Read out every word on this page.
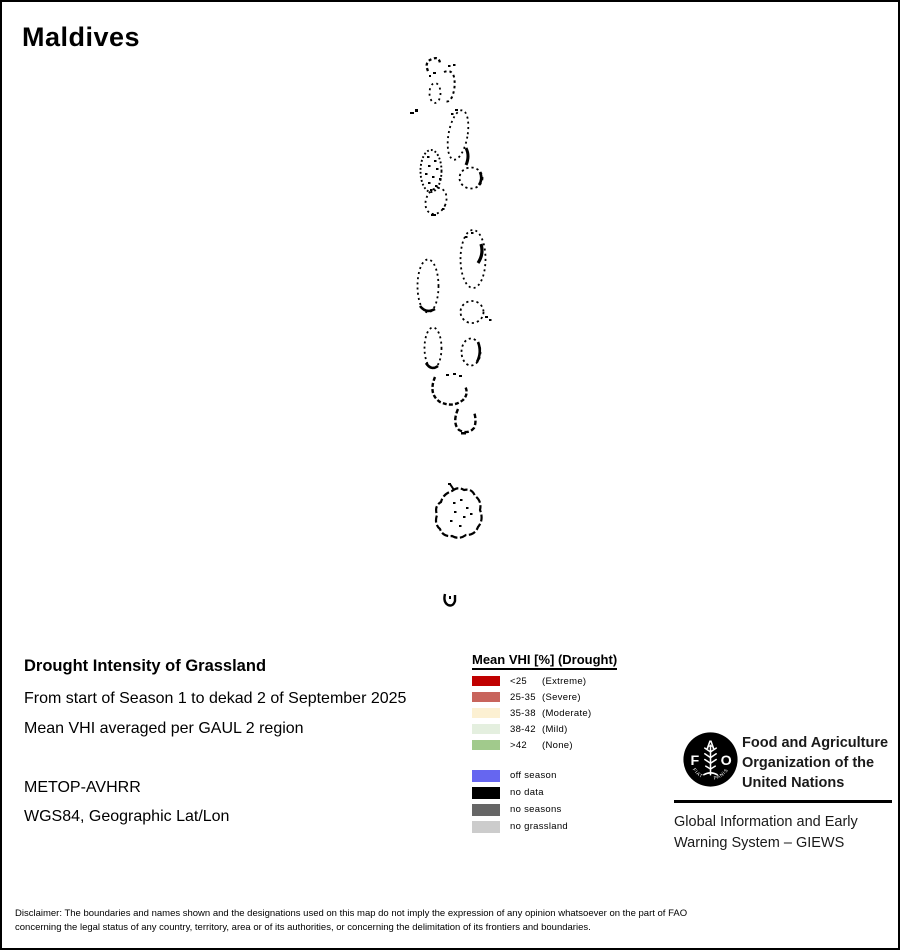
Maldives
Drought Intensity of Grassland
From start of Season 1 to dekad 2 of September 2025
Mean VHI averaged per GAUL 2 region
METOP-AVHRR
WGS84, Geographic Lat/Lon
Mean VHI [%] (Drought)
<25	(Extreme)
25-35 (Severe)
35-38 (Moderate)
38-42 (Mild)
>42	(None)
off season
no data
no seasons
no grassland
F
A
O
FIAT PANIS
Food and Agriculture
Organization of the
United Nations
Global Information and Early
Warning System – GIEWS
Disclaimer: The boundaries and names shown and the designations used on this map do not imply the expression of any opinion whatsoever on the part of FAO
concerning the legal status of any country, territory, area or of its authorities, or concerning the delimitation of its frontiers and boundaries.
